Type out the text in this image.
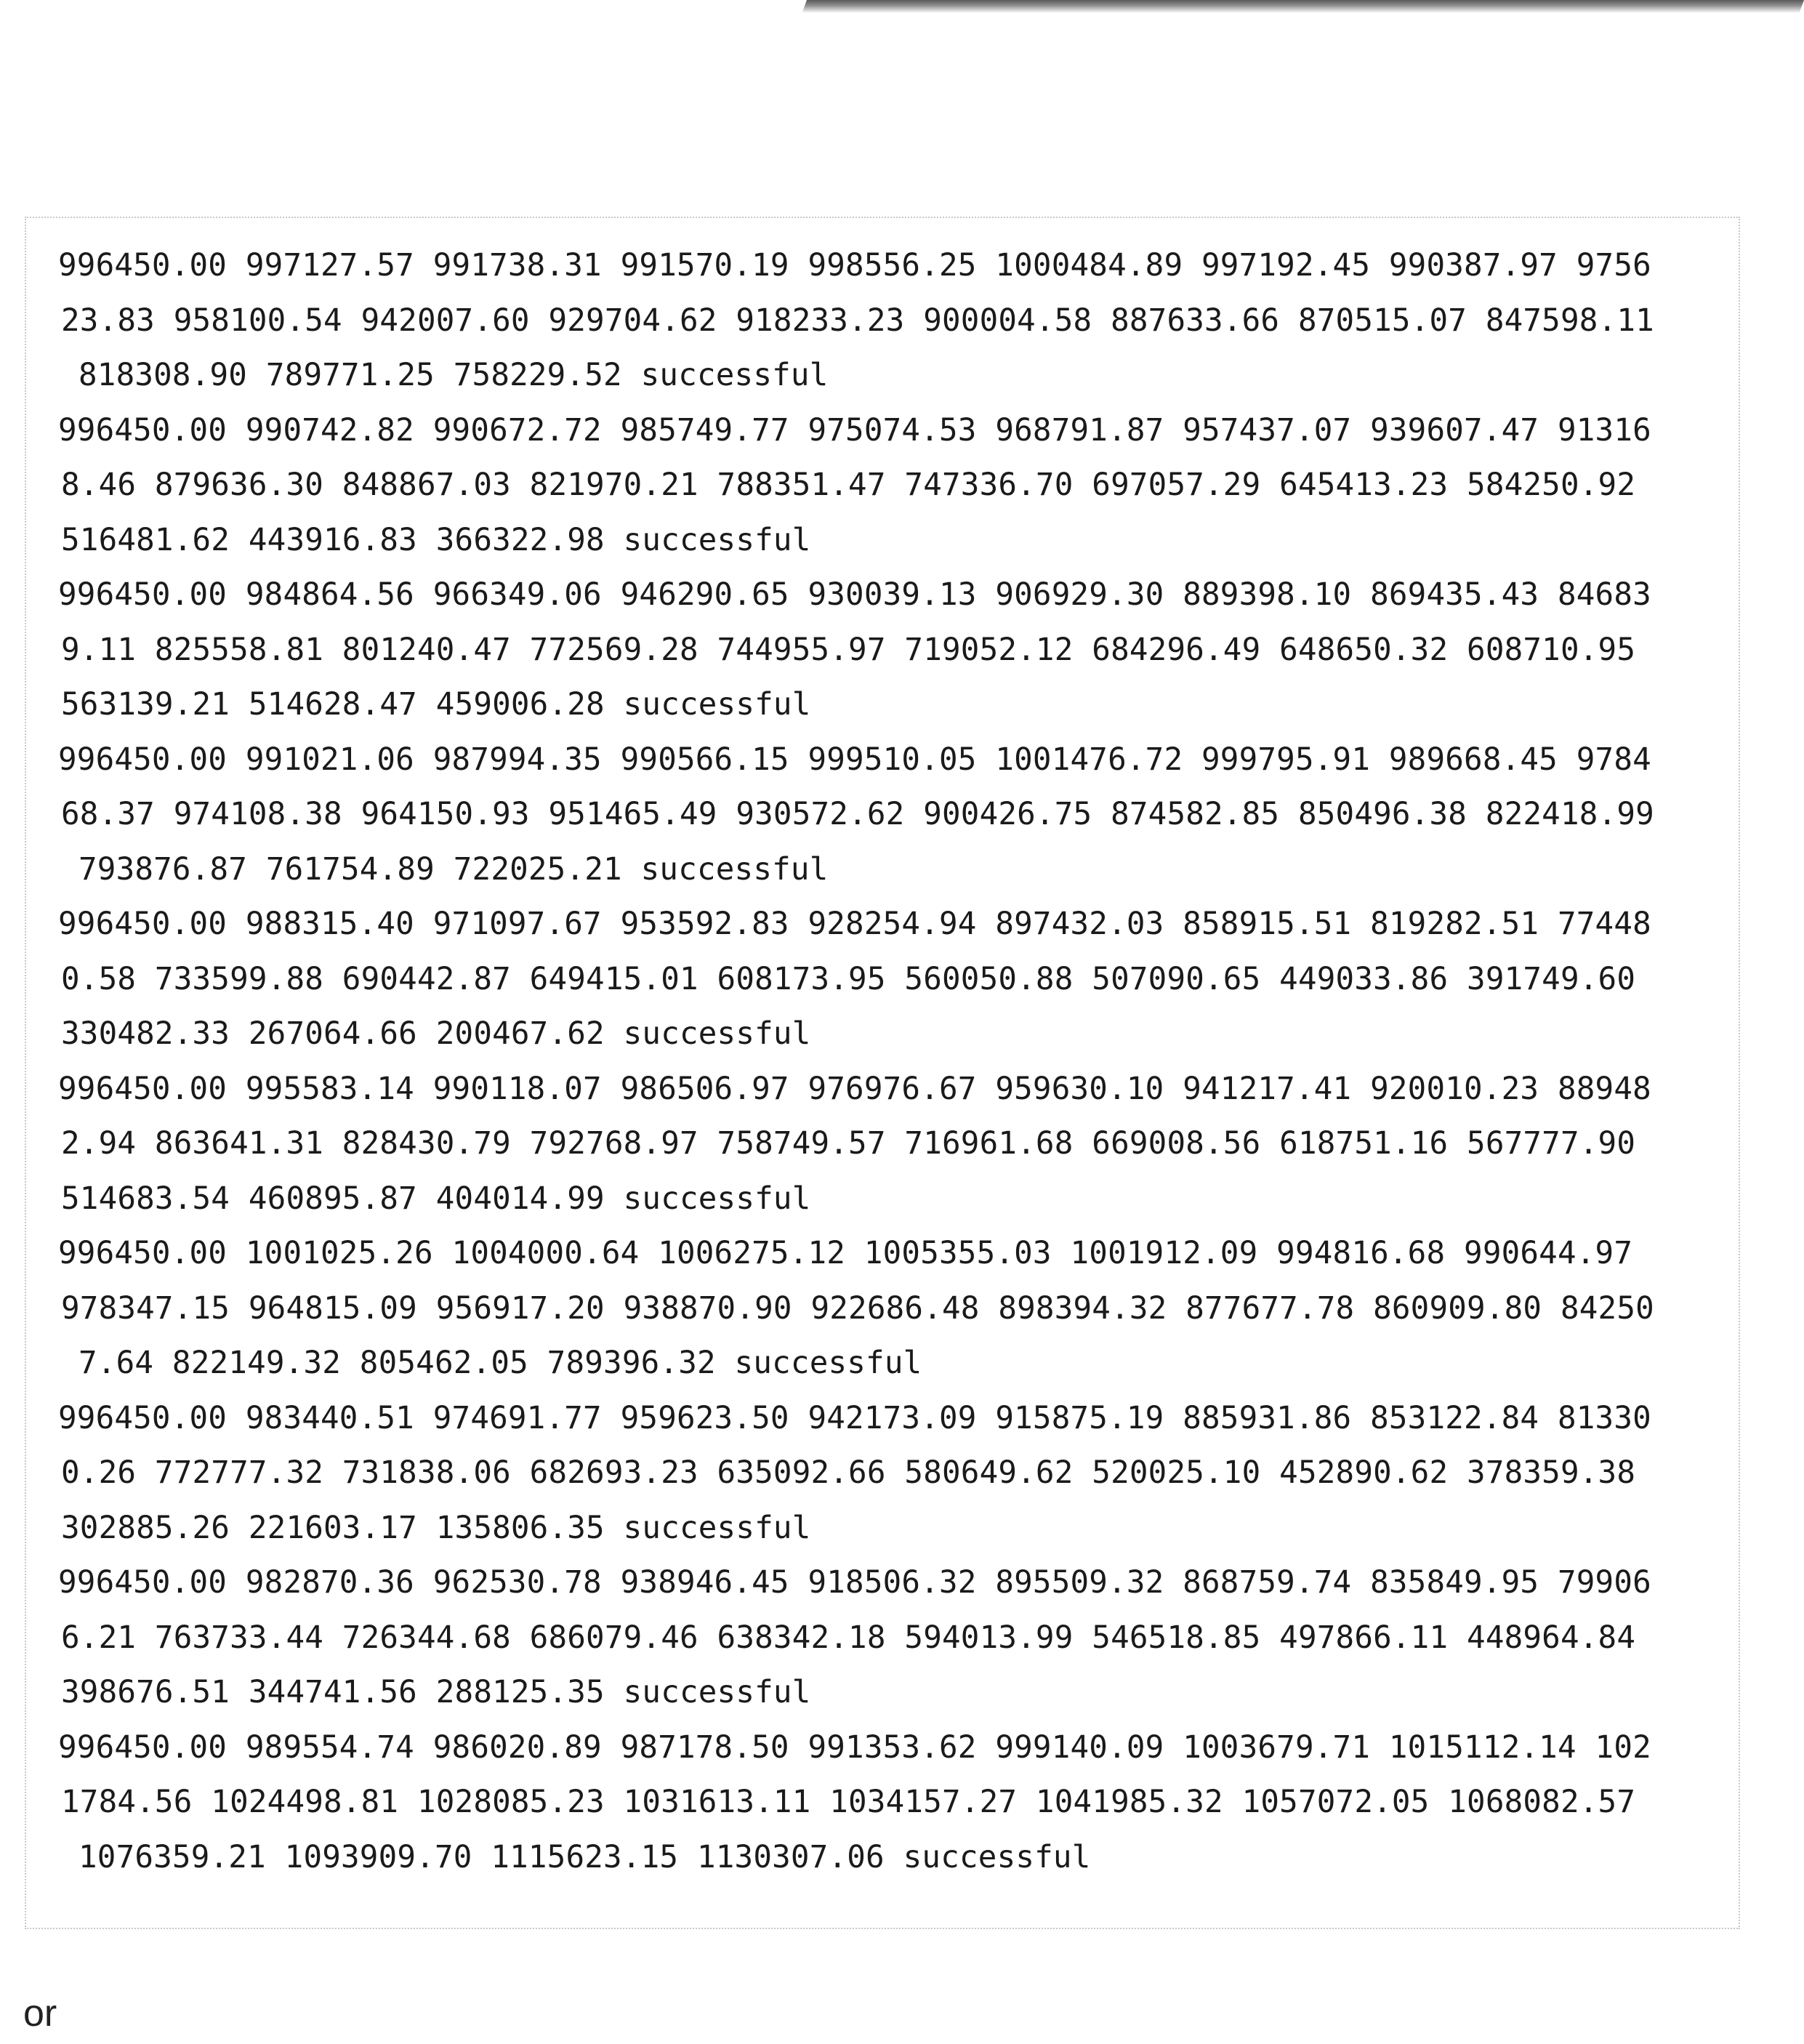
996450.00 997127.57 991738.31 991570.19 998556.25 1000484.89 997192.45 990387.97 9756
23.83 958100.54 942007.60 929704.62 918233.23 900004.58 887633.66 870515.07 847598.11
818308.90 789771.25 758229.52 successful
996450.00 990742.82 990672.72 985749.77 975074.53 968791.87 957437.07 939607.47 91316
8.46 879636.30 848867.03 821970.21 788351.47 747336.70 697057.29 645413.23 584250.92
516481.62 443916.83 366322.98 successful
996450.00 984864.56 966349.06 946290.65 930039.13 906929.30 889398.10 869435.43 84683
9.11 825558.81 801240.47 772569.28 744955.97 719052.12 684296.49 648650.32 608710.95
563139.21 514628.47 459006.28 successful
996450.00 991021.06 987994.35 990566.15 999510.05 1001476.72 999795.91 989668.45 9784
68.37 974108.38 964150.93 951465.49 930572.62 900426.75 874582.85 850496.38 822418.99
793876.87 761754.89 722025.21 successful
996450.00 988315.40 971097.67 953592.83 928254.94 897432.03 858915.51 819282.51 77448
0.58 733599.88 690442.87 649415.01 608173.95 560050.88 507090.65 449033.86 391749.60
330482.33 267064.66 200467.62 successful
996450.00 995583.14 990118.07 986506.97 976976.67 959630.10 941217.41 920010.23 88948
2.94 863641.31 828430.79 792768.97 758749.57 716961.68 669008.56 618751.16 567777.90
514683.54 460895.87 404014.99 successful
996450.00 1001025.26 1004000.64 1006275.12 1005355.03 1001912.09 994816.68 990644.97
978347.15 964815.09 956917.20 938870.90 922686.48 898394.32 877677.78 860909.80 84250
7.64 822149.32 805462.05 789396.32 successful
996450.00 983440.51 974691.77 959623.50 942173.09 915875.19 885931.86 853122.84 81330
0.26 772777.32 731838.06 682693.23 635092.66 580649.62 520025.10 452890.62 378359.38
302885.26 221603.17 135806.35 successful
996450.00 982870.36 962530.78 938946.45 918506.32 895509.32 868759.74 835849.95 79906
6.21 763733.44 726344.68 686079.46 638342.18 594013.99 546518.85 497866.11 448964.84
398676.51 344741.56 288125.35 successful
996450.00 989554.74 986020.89 987178.50 991353.62 999140.09 1003679.71 1015112.14 102
1784.56 1024498.81 1028085.23 1031613.11 1034157.27 1041985.32 1057072.05 1068082.57
1076359.21 1093909.70 1115623.15 1130307.06 successful
or
